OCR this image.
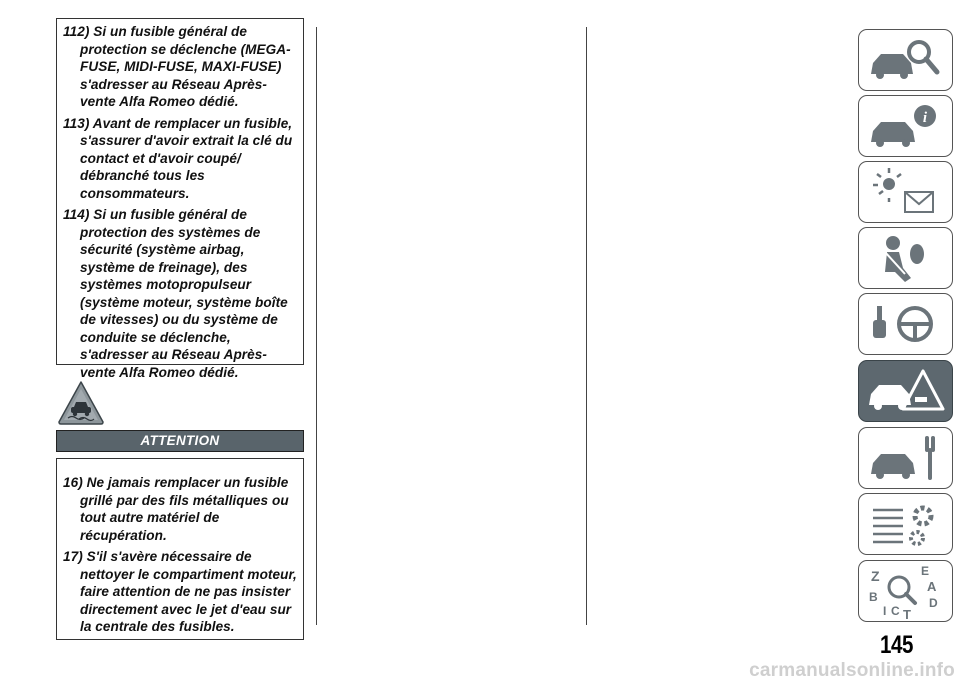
112) Si un fusible général de protection se déclenche (MEGA-FUSE, MIDI-FUSE, MAXI-FUSE) s'adresser au Réseau Après-vente Alfa Romeo dédié.

113) Avant de remplacer un fusible, s'assurer d'avoir extrait la clé du contact et d'avoir coupé/ débranché tous les consommateurs.

114) Si un fusible général de protection des systèmes de sécurité (système airbag, système de freinage), des systèmes motopropulseur (système moteur, système boîte de vitesses) ou du système de conduite se déclenche, s'adresser au Réseau Après-vente Alfa Romeo dédié.

ATTENTION

16) Ne jamais remplacer un fusible grillé par des fils métalliques ou tout autre matériel de récupération.

17) S'il s'avère nécessaire de nettoyer le compartiment moteur, faire attention de ne pas insister directement avec le jet d'eau sur la centrale des fusibles.

i
Z	E
A
B	D
I C T
145
carmanualsonline.info
